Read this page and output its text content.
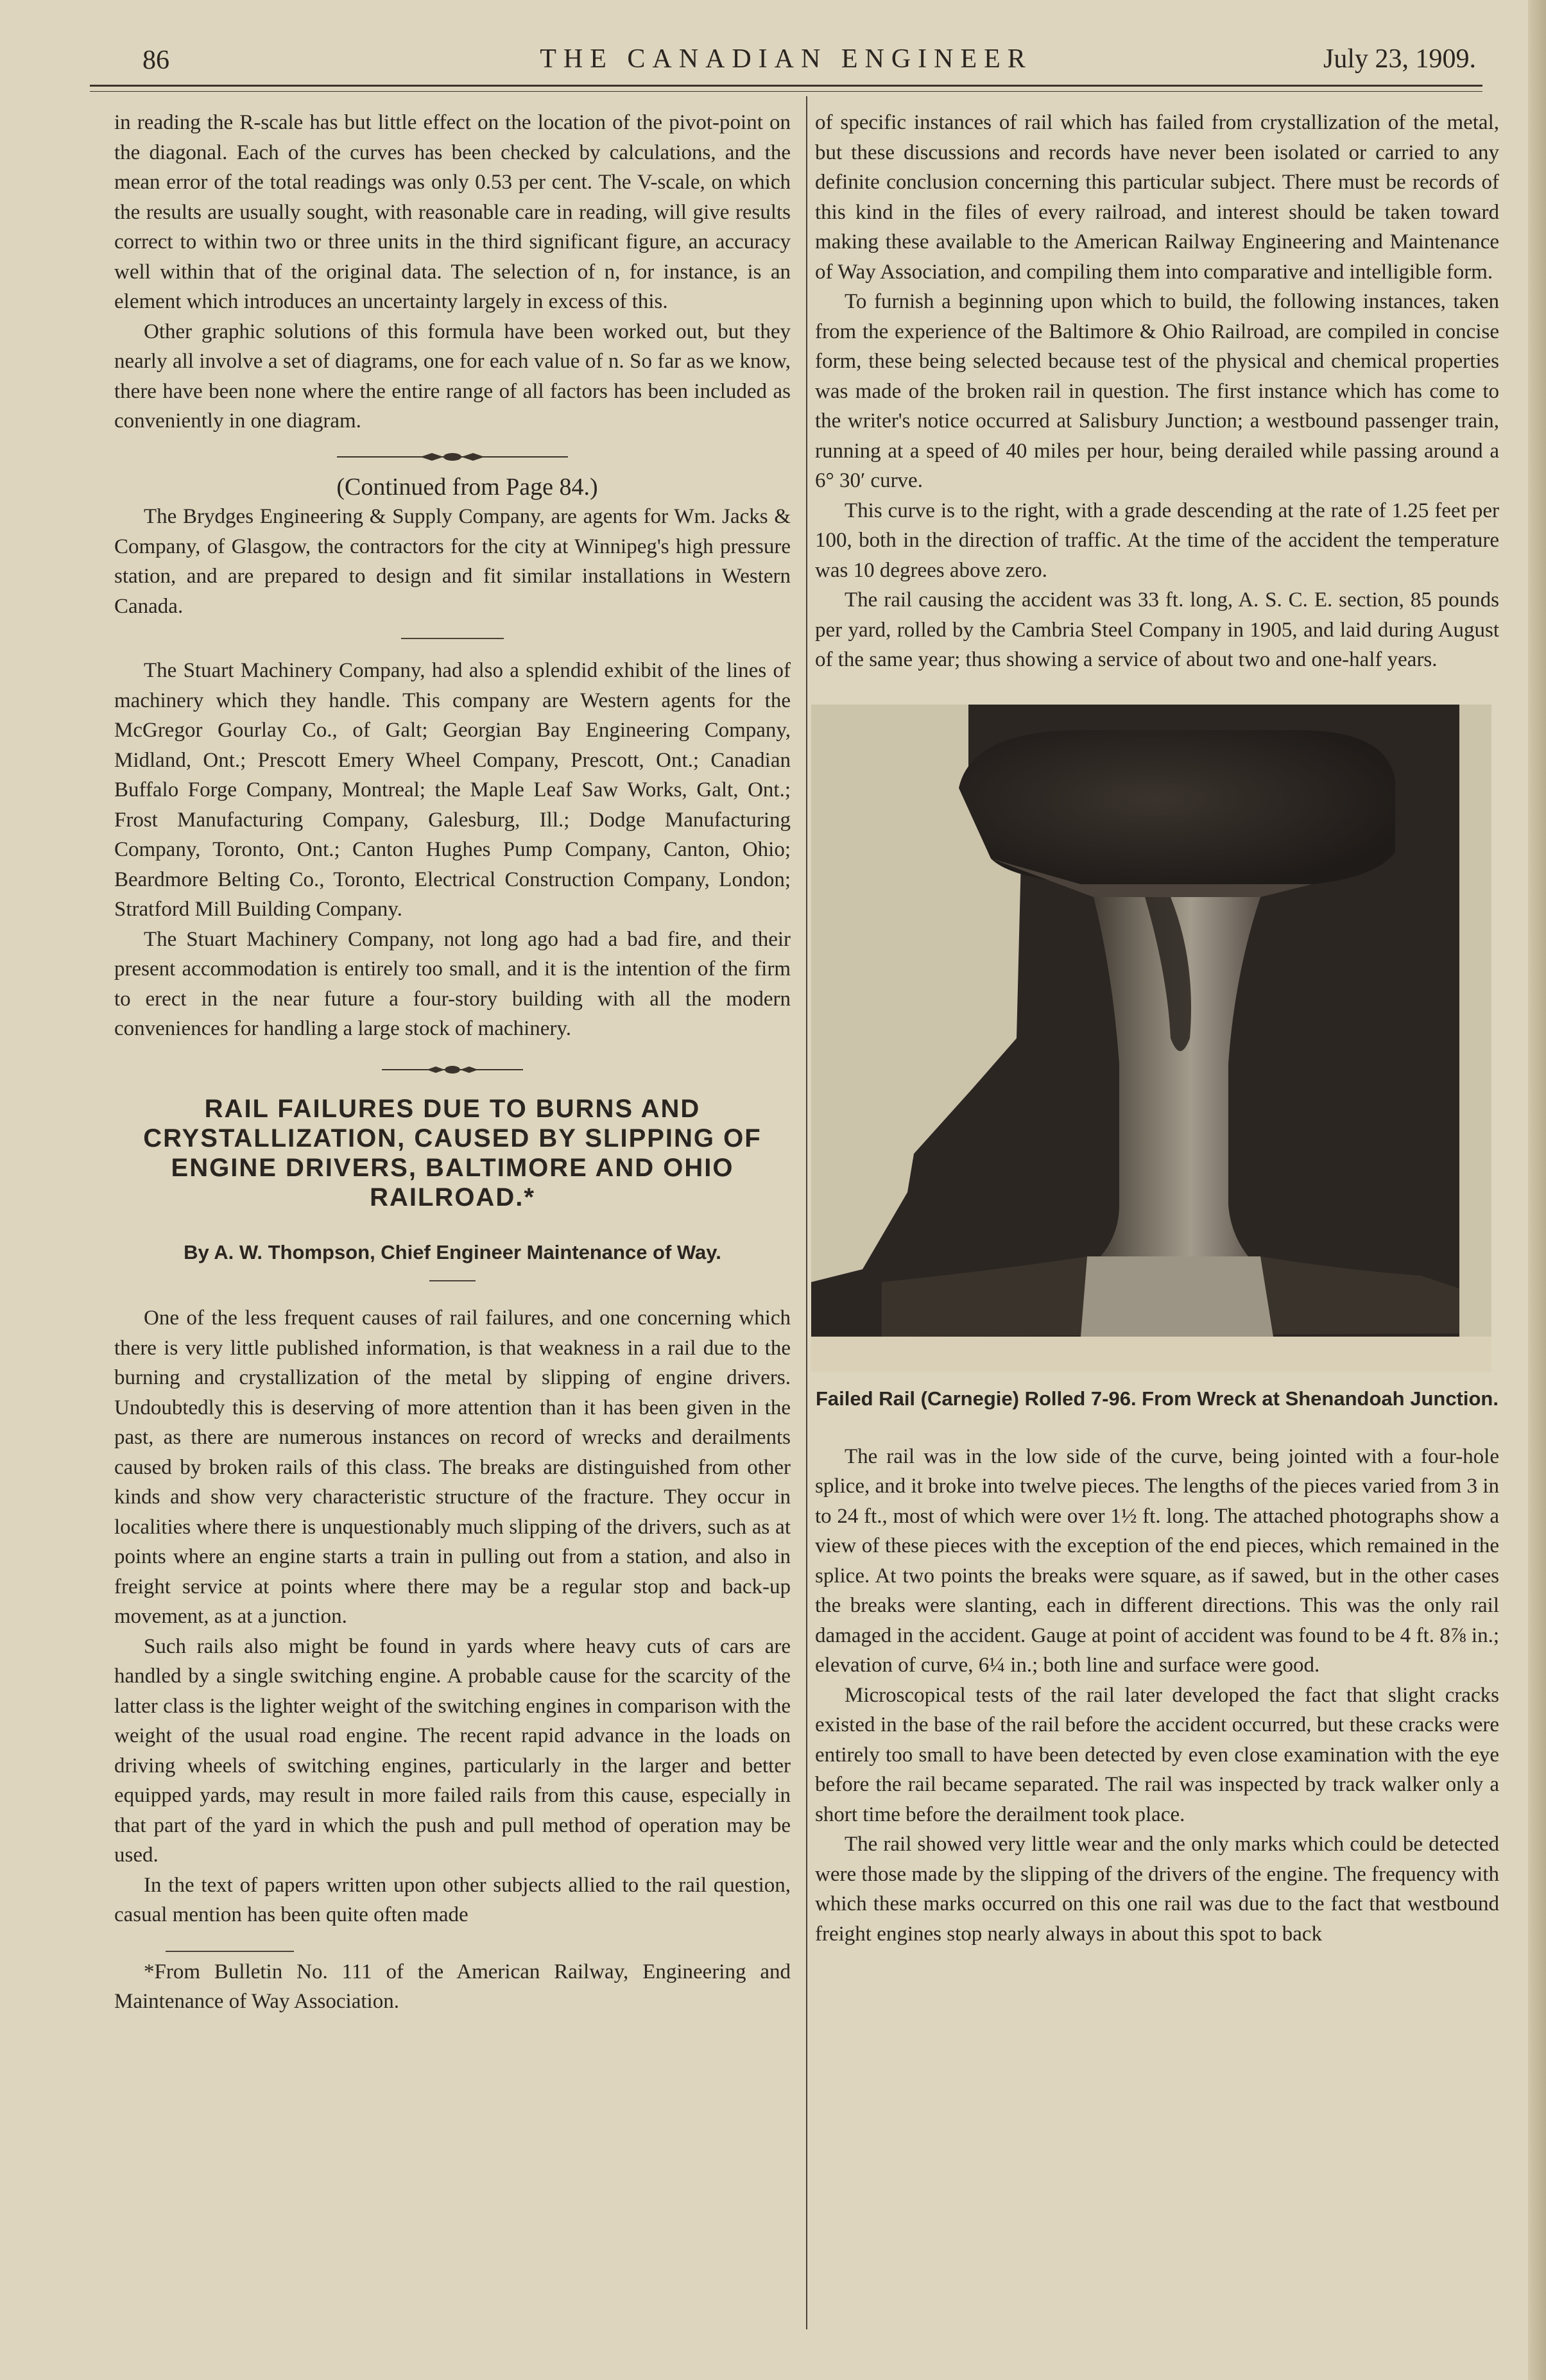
86	THE CANADIAN ENGINEER	July 23, 1909.

in reading the R-scale has but little effect on the location of the pivot-point on the diagonal. Each of the curves has been checked by calculations, and the mean error of the total readings was only 0.53 per cent. The V-scale, on which the results are usually sought, with reasonable care in reading, will give results correct to within two or three units in the third significant figure, an accuracy well within that of the original data. The selection of n, for instance, is an element which introduces an uncertainty largely in excess of this.

Other graphic solutions of this formula have been worked out, but they nearly all involve a set of diagrams, one for each value of n. So far as we know, there have been none where the entire range of all factors has been included as conveniently in one diagram.

(Continued from Page 84.)

The Brydges Engineering & Supply Company, are agents for Wm. Jacks & Company, of Glasgow, the contractors for the city at Winnipeg's high pressure station, and are prepared to design and fit similar installations in Western Canada.

The Stuart Machinery Company, had also a splendid exhibit of the lines of machinery which they handle. This company are Western agents for the McGregor Gourlay Co., of Galt; Georgian Bay Engineering Company, Midland, Ont.; Prescott Emery Wheel Company, Prescott, Ont.; Canadian Buffalo Forge Company, Montreal; the Maple Leaf Saw Works, Galt, Ont.; Frost Manufacturing Company, Galesburg, Ill.; Dodge Manufacturing Company, Toronto, Ont.; Canton Hughes Pump Company, Canton, Ohio; Beardmore Belting Co., Toronto, Electrical Construction Company, London; Stratford Mill Building Company.

The Stuart Machinery Company, not long ago had a bad fire, and their present accommodation is entirely too small, and it is the intention of the firm to erect in the near future a four-story building with all the modern conveniences for handling a large stock of machinery.

RAIL FAILURES DUE TO BURNS AND CRYSTALLIZATION, CAUSED BY SLIPPING OF ENGINE DRIVERS, BALTIMORE AND OHIO RAILROAD.*
By A. W. Thompson, Chief Engineer Maintenance of Way.

One of the less frequent causes of rail failures, and one concerning which there is very little published information, is that weakness in a rail due to the burning and crystallization of the metal by slipping of engine drivers. Undoubtedly this is deserving of more attention than it has been given in the past, as there are numerous instances on record of wrecks and derailments caused by broken rails of this class. The breaks are distinguished from other kinds and show very characteristic structure of the fracture. They occur in localities where there is unquestionably much slipping of the drivers, such as at points where an engine starts a train in pulling out from a station, and also in freight service at points where there may be a regular stop and back-up movement, as at a junction.

Such rails also might be found in yards where heavy cuts of cars are handled by a single switching engine. A probable cause for the scarcity of the latter class is the lighter weight of the switching engines in comparison with the weight of the usual road engine. The recent rapid advance in the loads on driving wheels of switching engines, particularly in the larger and better equipped yards, may result in more failed rails from this cause, especially in that part of the yard in which the push and pull method of operation may be used.

In the text of papers written upon other subjects allied to the rail question, casual mention has been quite often made

*From Bulletin No. 111 of the American Railway, Engineering and Maintenance of Way Association.

of specific instances of rail which has failed from crystallization of the metal, but these discussions and records have never been isolated or carried to any definite conclusion concerning this particular subject. There must be records of this kind in the files of every railroad, and interest should be taken toward making these available to the American Railway Engineering and Maintenance of Way Association, and compiling them into comparative and intelligible form.

To furnish a beginning upon which to build, the following instances, taken from the experience of the Baltimore & Ohio Railroad, are compiled in concise form, these being selected because test of the physical and chemical properties was made of the broken rail in question. The first instance which has come to the writer's notice occurred at Salisbury Junction; a westbound passenger train, running at a speed of 40 miles per hour, being derailed while passing around a 6° 30′ curve.

This curve is to the right, with a grade descending at the rate of 1.25 feet per 100, both in the direction of traffic. At the time of the accident the temperature was 10 degrees above zero.

The rail causing the accident was 33 ft. long, A. S. C. E. section, 85 pounds per yard, rolled by the Cambria Steel Company in 1905, and laid during August of the same year; thus showing a service of about two and one-half years.

Failed Rail (Carnegie) Rolled 7-96. From Wreck at Shenandoah Junction.

The rail was in the low side of the curve, being jointed with a four-hole splice, and it broke into twelve pieces. The lengths of the pieces varied from 3 in to 24 ft., most of which were over 1½ ft. long. The attached photographs show a view of these pieces with the exception of the end pieces, which remained in the splice. At two points the breaks were square, as if sawed, but in the other cases the breaks were slanting, each in different directions. This was the only rail damaged in the accident. Gauge at point of accident was found to be 4 ft. 8⅞ in.; elevation of curve, 6¼ in.; both line and surface were good.

Microscopical tests of the rail later developed the fact that slight cracks existed in the base of the rail before the accident occurred, but these cracks were entirely too small to have been detected by even close examination with the eye before the rail became separated. The rail was inspected by track walker only a short time before the derailment took place.

The rail showed very little wear and the only marks which could be detected were those made by the slipping of the drivers of the engine. The frequency with which these marks occurred on this one rail was due to the fact that westbound freight engines stop nearly always in about this spot to back
